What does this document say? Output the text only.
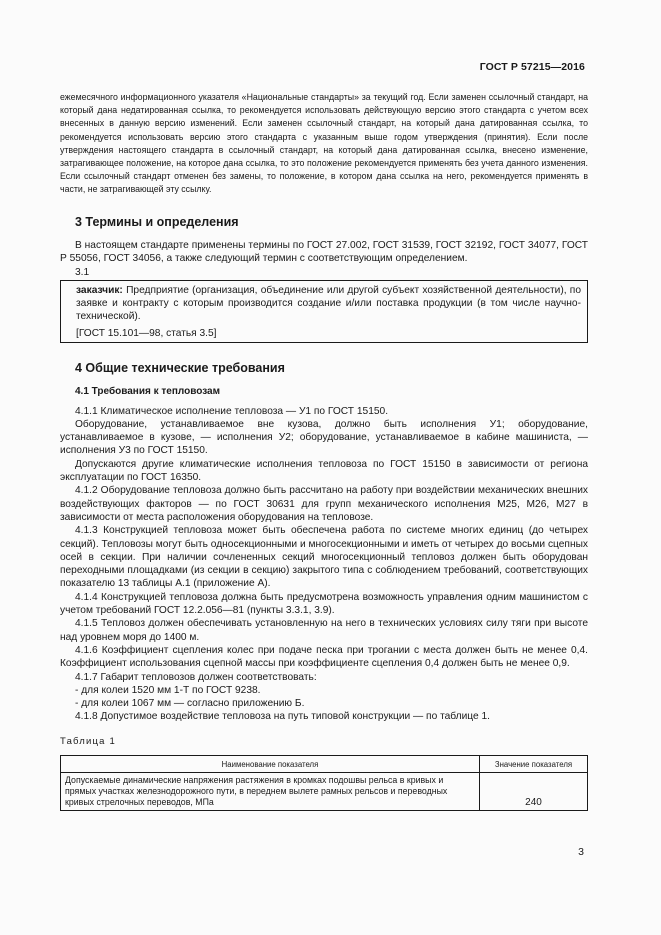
ГОСТ Р 57215—2016

ежемесячного информационного указателя «Национальные стандарты» за текущий год. Если заменен ссылочный стандарт, на который дана недатированная ссылка, то рекомендуется использовать действующую версию этого стандарта с учетом всех внесенных в данную версию изменений. Если заменен ссылочный стандарт, на который дана датированная ссылка, то рекомендуется использовать версию этого стандарта с указанным выше годом утверждения (принятия). Если после утверждения настоящего стандарта в ссылочный стандарт, на который дана датированная ссылка, внесено изменение, затрагивающее положение, на которое дана ссылка, то это положение рекомендуется применять без учета данного изменения. Если ссылочный стандарт отменен без замены, то положение, в котором дана ссылка на него, рекомендуется применять в части, не затрагивающей эту ссылку.

3 Термины и определения

В настоящем стандарте применены термины по ГОСТ 27.002, ГОСТ 31539, ГОСТ 32192, ГОСТ 34077, ГОСТ Р 55056, ГОСТ 34056, а также следующий термин с соответствующим определением.

3.1

заказчик: Предприятие (организация, объединение или другой субъект хозяйственной деятельности), по заявке и контракту с которым производится создание и/или поставка продукции (в том числе научно-технической).

[ГОСТ 15.101—98, статья 3.5]
4 Общие технические требования
4.1 Требования к тепловозам

4.1.1 Климатическое исполнение тепловоза — У1 по ГОСТ 15150.

Оборудование, устанавливаемое вне кузова, должно быть исполнения У1; оборудование, устанавливаемое в кузове, — исполнения У2; оборудование, устанавливаемое в кабине машиниста, — исполнения У3 по ГОСТ 15150.

Допускаются другие климатические исполнения тепловоза по ГОСТ 15150 в зависимости от региона эксплуатации по ГОСТ 16350.

4.1.2 Оборудование тепловоза должно быть рассчитано на работу при воздействии механических внешних воздействующих факторов — по ГОСТ 30631 для групп механического исполнения М25, М26, М27 в зависимости от места расположения оборудования на тепловозе.

4.1.3 Конструкцией тепловоза может быть обеспечена работа по системе многих единиц (до четырех секций). Тепловозы могут быть односекционными и многосекционными и иметь от четырех до восьми сцепных осей в секции. При наличии сочлененных секций многосекционный тепловоз должен быть оборудован переходными площадками (из секции в секцию) закрытого типа с соблюдением требований, соответствующих показателю 13 таблицы А.1 (приложение А).

4.1.4 Конструкцией тепловоза должна быть предусмотрена возможность управления одним машинистом с учетом требований ГОСТ 12.2.056—81 (пункты 3.3.1, 3.9).

4.1.5 Тепловоз должен обеспечивать установленную на него в технических условиях силу тяги при высоте над уровнем моря до 1400 м.

4.1.6 Коэффициент сцепления колес при подаче песка при трогании с места должен быть не менее 0,4. Коэффициент использования сцепной массы при коэффициенте сцепления 0,4 должен быть не менее 0,9.

4.1.7 Габарит тепловозов должен соответствовать:

- для колеи 1520 мм 1-Т по ГОСТ 9238.
- для колеи 1067 мм — согласно приложению Б.

4.1.8 Допустимое воздействие тепловоза на путь типовой конструкции — по таблице 1.

Таблица 1
Наименование показателя	Значение показателя
Допускаемые динамические напряжения растяжения в кромках подошвы рельса в кривых и прямых участках железнодорожного пути, в переднем вылете рамных рельсов и переводных кривых стрелочных переводов, МПа	240
3
